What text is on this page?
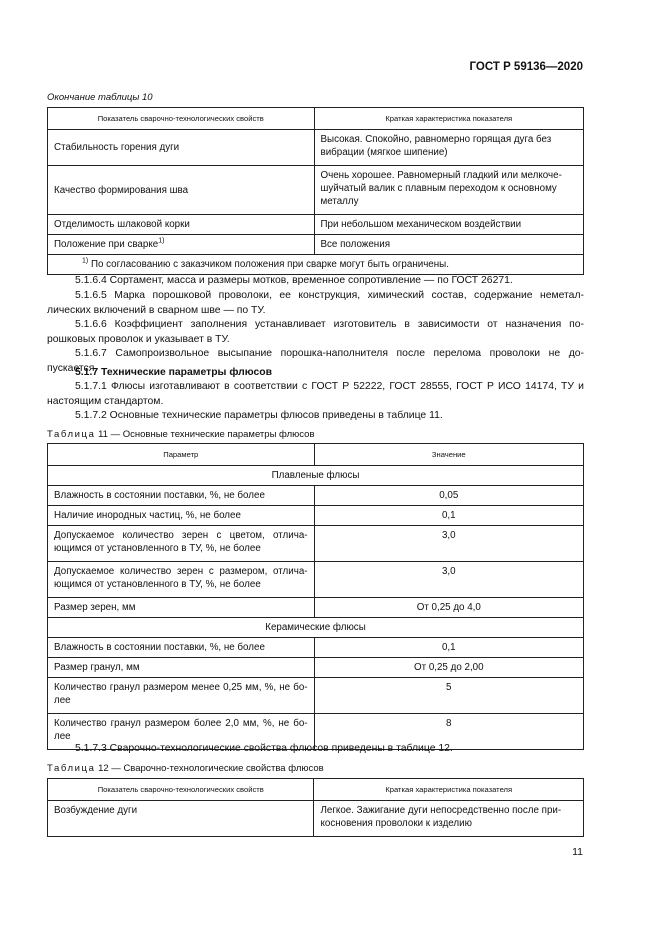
ГОСТ Р 59136—2020
Окончание таблицы 10
Показатель сварочно-технологических свойств	Краткая характеристика показателя
Стабильность горения дуги	Высокая. Спокойно, равномерно горящая дуга без вибрации (мягкое шипение)
Качество формирования шва	Очень хорошее. Равномерный гладкий или мелкоче-шуйчатый валик с плавным переходом к основному металлу
Отделимость шлаковой корки	При небольшом механическом воздействии
Положение при сварке$^{1)}$	Все положения
$^{1)}$ По согласованию с заказчиком положения при сварке могут быть ограничены.	
5.1.6.4 Сортамент, масса и размеры мотков, временное сопротивление — по ГОСТ 26271.
5.1.6.5 Марка порошковой проволоки, ее конструкция, химический состав, содержание неметал-лических включений в сварном шве — по ТУ.
5.1.6.6 Коэффициент заполнения устанавливает изготовитель в зависимости от назначения по-рошковых проволок и указывает в ТУ.
5.1.6.7 Самопроизвольное высыпание порошка-наполнителя после перелома проволоки не до-пускается.
5.1.7 Технические параметры флюсов
5.1.7.1 Флюсы изготавливают в соответствии с ГОСТ Р 52222, ГОСТ 28555, ГОСТ Р ИСО 14174, ТУ и настоящим стандартом.
5.1.7.2 Основные технические параметры флюсов приведены в таблице 11.
Таблица 11 — Основные технические параметры флюсов
Параметр	Значение
Плавленые флюсы	
Влажность в состоянии поставки, %, не более	0,05
Наличие инородных частиц, %, не более	0,1
Допускаемое количество зерен с цветом, отлича-ющимся от установленного в ТУ, %, не более	3,0
Допускаемое количество зерен с размером, отлича-ющимся от установленного в ТУ, %, не более	3,0
Размер зерен, мм	От 0,25 до 4,0
Керамические флюсы	
Влажность в состоянии поставки, %, не более	0,1
Размер гранул, мм	От 0,25 до 2,00
Количество гранул размером менее 0,25 мм, %, не бо-лее	5
Количество гранул размером более 2,0 мм, %, не бо-лее	8
5.1.7.3 Сварочно-технологические свойства флюсов приведены в таблице 12.
Таблица 12 — Сварочно-технологические свойства флюсов
Показатель сварочно-технологических свойств	Краткая характеристика показателя
Возбуждение дуги	Легкое. Зажигание дуги непосредственно после при-косновения проволоки к изделию
11
